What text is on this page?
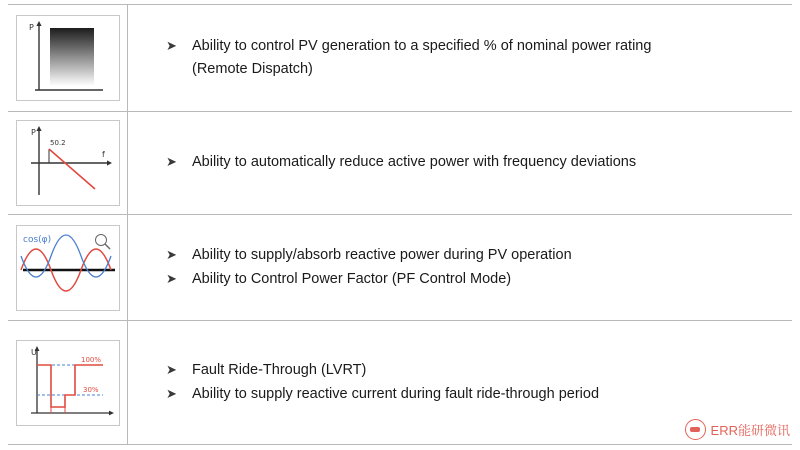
P
➤	Ability to control PV generation to a specified % of nominal power rating
(Remote Dispatch)
P
f
50.2
➤	Ability to automatically reduce active power with frequency deviations
cos(φ)
➤	Ability to supply/absorb reactive power during PV operation
➤	Ability to Control Power Factor (PF Control Mode)
U
100%
30%
➤	Fault Ride-Through (LVRT)
➤	Ability to supply reactive current during fault ride-through period
ERR能研微讯
